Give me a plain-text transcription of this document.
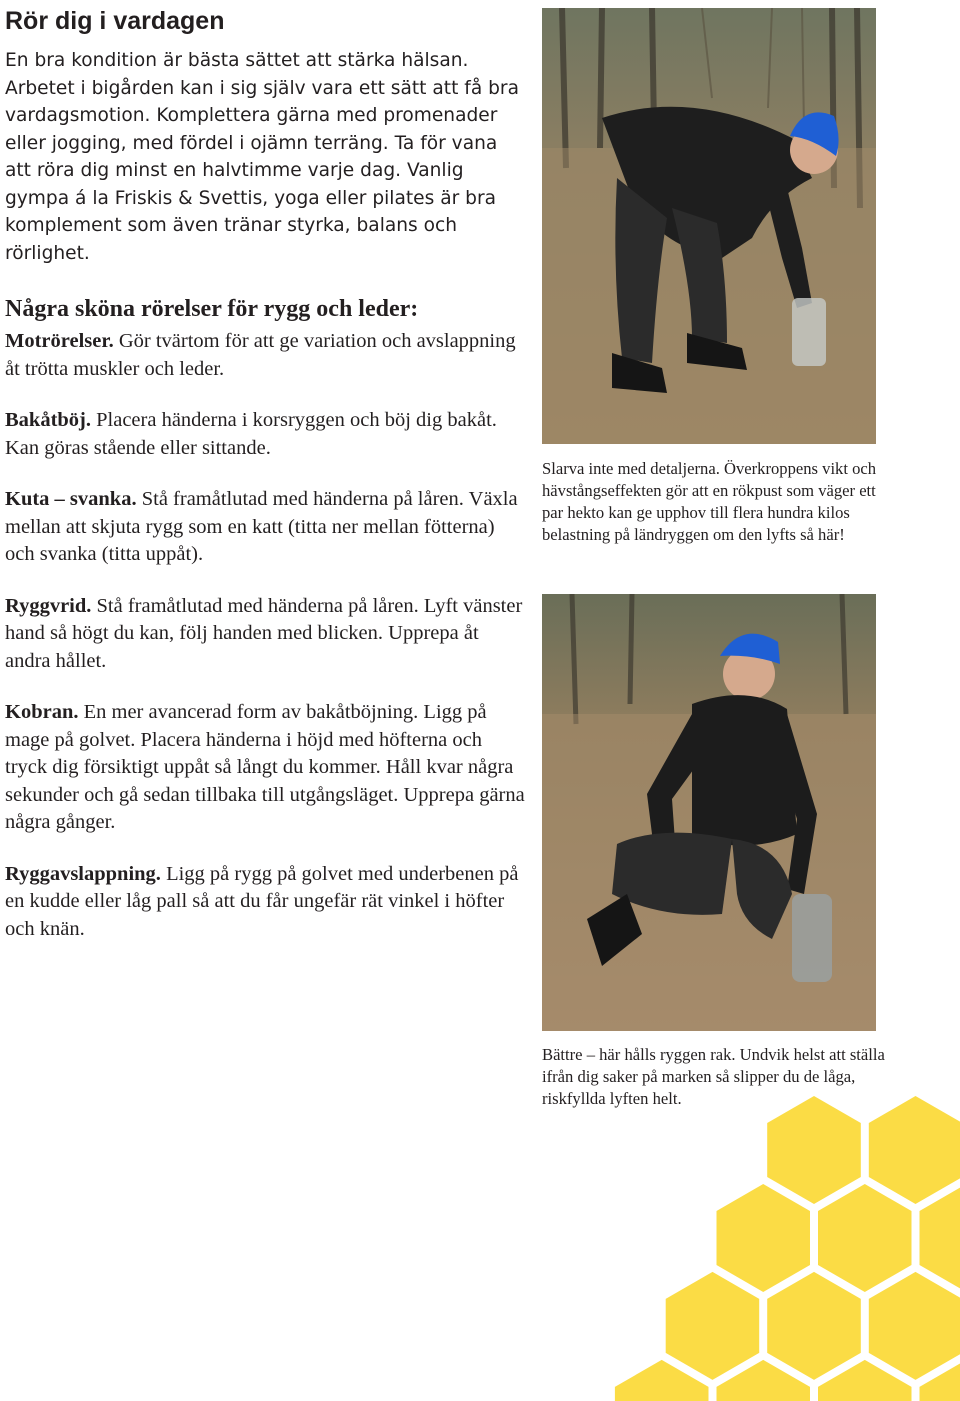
Rör dig i vardagen

En bra kondition är bästa sättet att stärka hälsan. Arbetet i bigården kan i sig själv vara ett sätt att få bra vardagsmotion. Komplettera gärna med promenader eller jogging, med fördel i ojämn terräng. Ta för vana att röra dig minst en halvtimme varje dag. Vanlig gympa á la Friskis & Svettis, yoga eller pilates är bra komplement som även tränar styrka, balans och rörlighet.

Några sköna rörelser för rygg och leder:

Motrörelser. Gör tvärtom för att ge variation och avslappning åt trötta muskler och leder.

Bakåtböj. Placera händerna i korsryggen och böj dig bakåt. Kan göras stående eller sittande.

Kuta – svanka. Stå framåtlutad med händerna på låren. Växla mellan att skjuta rygg som en katt (titta ner mellan fötterna) och svanka (titta uppåt).

Ryggvrid. Stå framåtlutad med händerna på låren. Lyft vänster hand så högt du kan, följ handen med blicken. Upprepa åt andra hållet.

Kobran. En mer avancerad form av bakåtböjning. Ligg på mage på golvet. Placera händerna i höjd med höfterna och tryck dig försiktigt uppåt så långt du kommer. Håll kvar några sekunder och gå sedan tillbaka till utgångsläget. Upprepa gärna några gånger.

Ryggavslappning. Ligg på rygg på golvet med underbenen på en kudde eller låg pall så att du får ungefär rät vinkel i höfter och knän.

Slarva inte med detaljerna. Överkroppens vikt och hävstångseffekten gör att en rökpust som väger ett par hekto kan ge upphov till flera hundra kilos belastning på ländryggen om den lyfts så här!

Bättre – här hålls ryggen rak. Undvik helst att ställa ifrån dig saker på marken så slipper du de låga, riskfyllda lyften helt.
